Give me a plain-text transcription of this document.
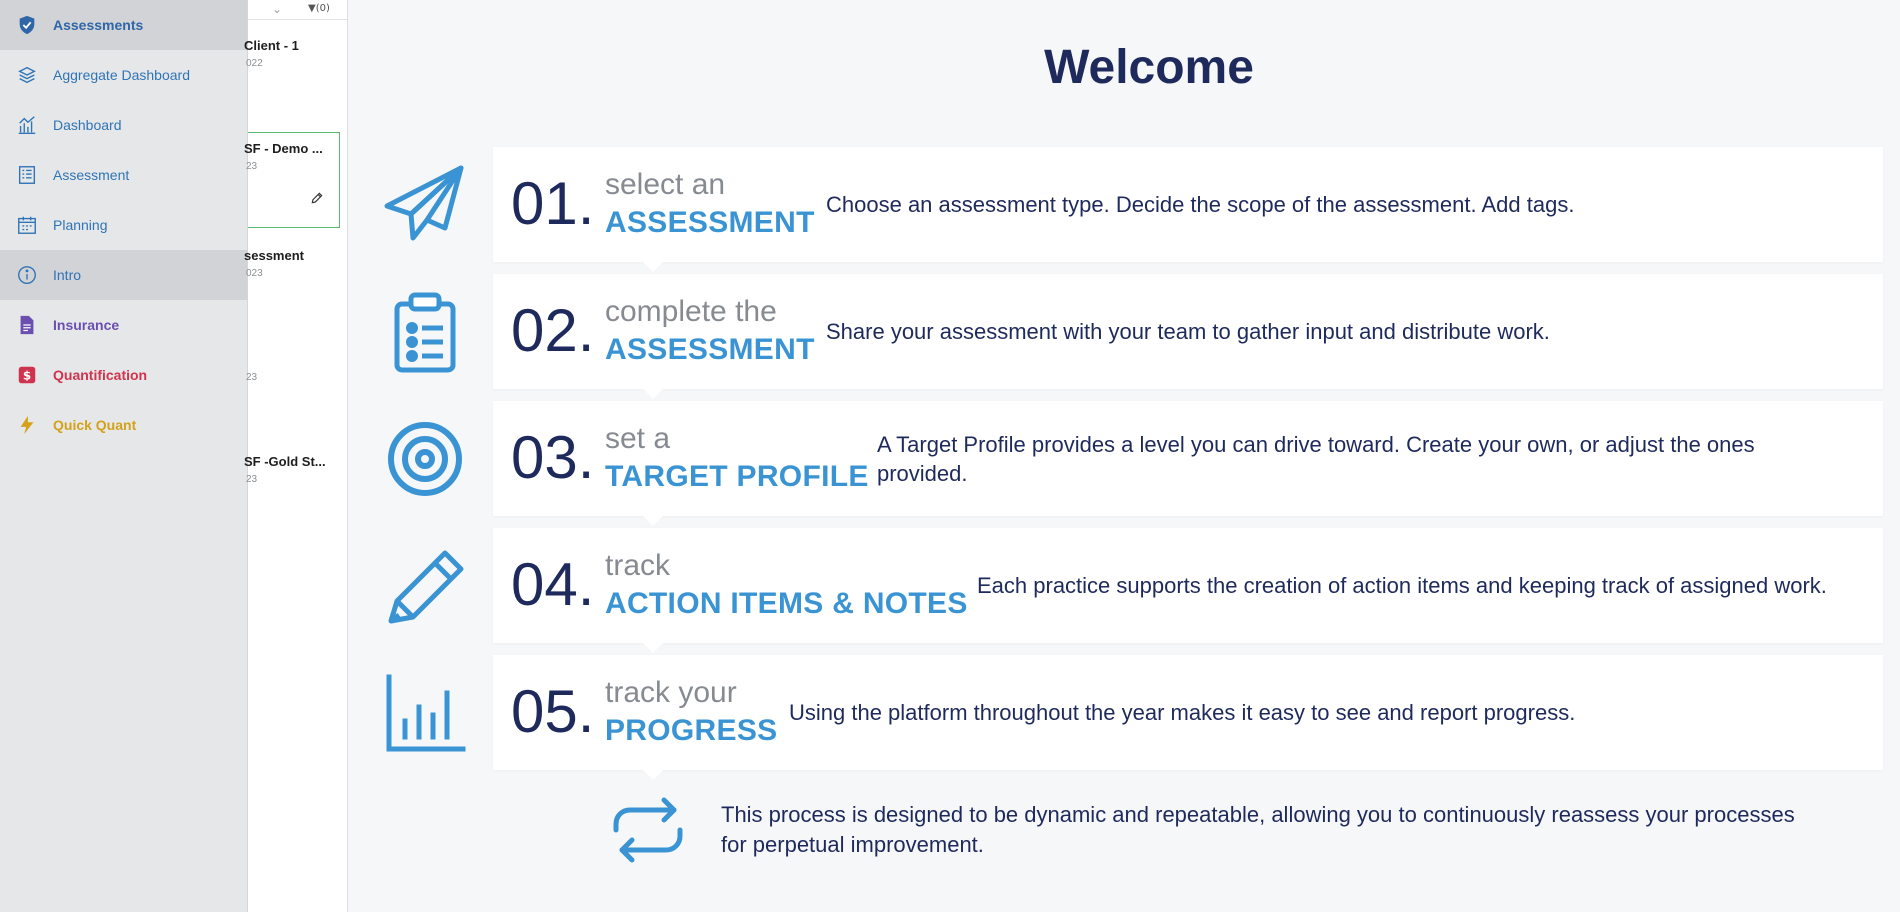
Assessments
Aggregate Dashboard
Dashboard
Assessment
Planning
Intro
Insurance
$ Quantification
Quick Quant
⌄	▼(0)
Client - 1
022
SF - Demo ...
23
sessment
023
23
SF -Gold St...
23
Welcome
01. select an
ASSESSMENT
Choose an assessment type. Decide the scope of the assessment. Add tags.
02. complete the
ASSESSMENT
Share your assessment with your team to gather input and distribute work.
03. set a
TARGET PROFILE
A Target Profile provides a level you can drive toward. Create your own, or adjust the ones provided.
04. track
ACTION ITEMS & NOTES
Each practice supports the creation of action items and keeping track of assigned work.
05. track your
PROGRESS
Using the platform throughout the year makes it easy to see and report progress.
This process is designed to be dynamic and repeatable, allowing you to continuously reassess your processes for perpetual improvement.
